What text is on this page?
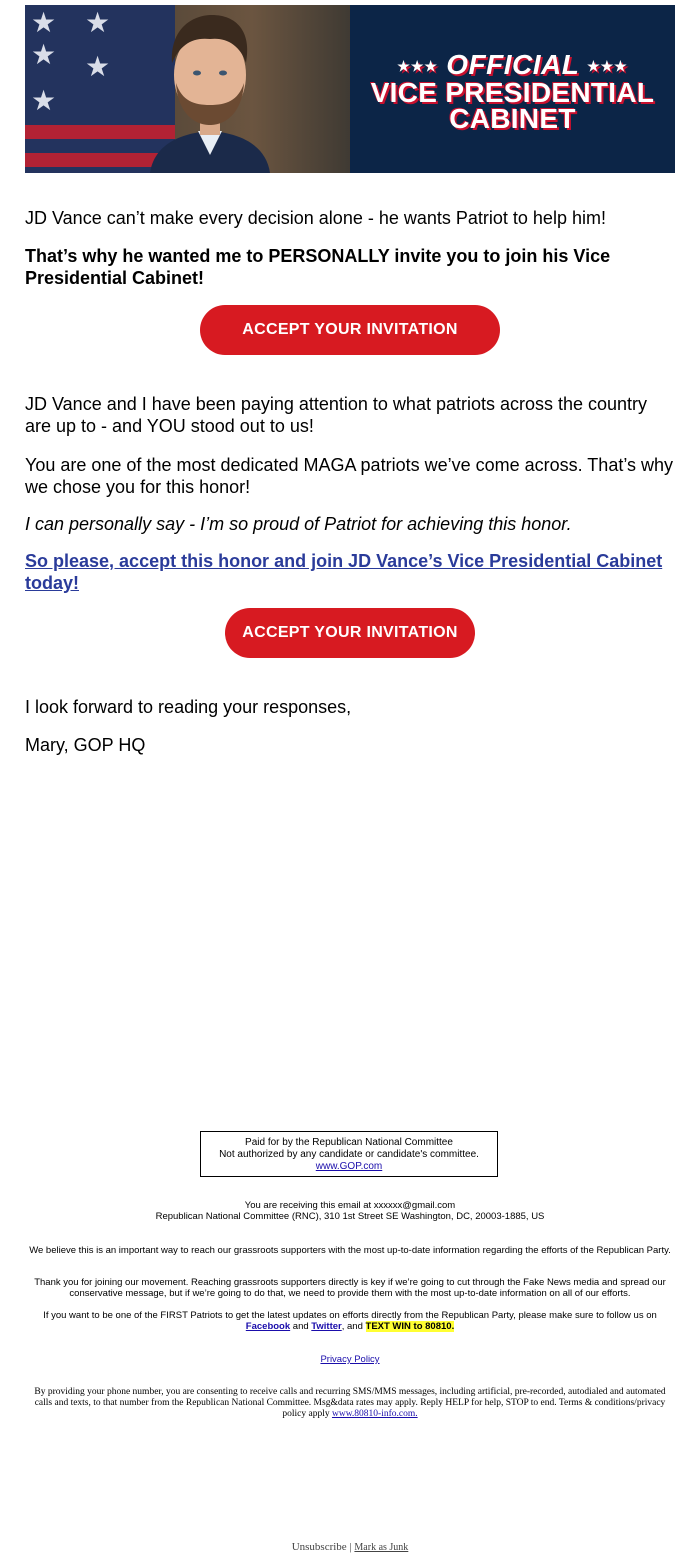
★ ★
★ ★
★
★★★ OFFICIAL ★★★
VICE PRESIDENTIAL
CABINET

JD Vance can’t make every decision alone - he wants Patriot to help him!

That’s why he wanted me to PERSONALLY invite you to join his Vice Presidential Cabinet!

ACCEPT YOUR INVITATION

JD Vance and I have been paying attention to what patriots across the country are up to - and YOU stood out to us!

You are one of the most dedicated MAGA patriots we’ve come across. That’s why we chose you for this honor!

I can personally say - I’m so proud of Patriot for achieving this honor.

So please, accept this honor and join JD Vance’s Vice Presidential Cabinet today!

ACCEPT YOUR INVITATION

I look forward to reading your responses,

Mary, GOP HQ

Paid for by the Republican National Committee
Not authorized by any candidate or candidate's committee.
www.GOP.com

You are receiving this email at xxxxxx@gmail.com

Republican National Committee (RNC), 310 1st Street SE Washington, DC, 20003-1885, US

We believe this is an important way to reach our grassroots supporters with the most up-to-date information regarding the efforts of the Republican Party.

Thank you for joining our movement. Reaching grassroots supporters directly is key if we’re going to cut through the Fake News media and spread our conservative message, but if we’re going to do that, we need to provide them with the most up-to-date information on all of our efforts.

If you want to be one of the FIRST Patriots to get the latest updates on efforts directly from the Republican Party, please make sure to follow us on Facebook and Twitter, and TEXT WIN to 80810.

Privacy Policy

By providing your phone number, you are consenting to receive calls and recurring SMS/MMS messages, including artificial, pre-recorded, autodialed and automated calls and texts, to that number from the Republican National Committee. Msg&data rates may apply. Reply HELP for help, STOP to end. Terms & conditions/privacy policy apply www.80810-info.com.

Unsubscribe | Mark as Junk
